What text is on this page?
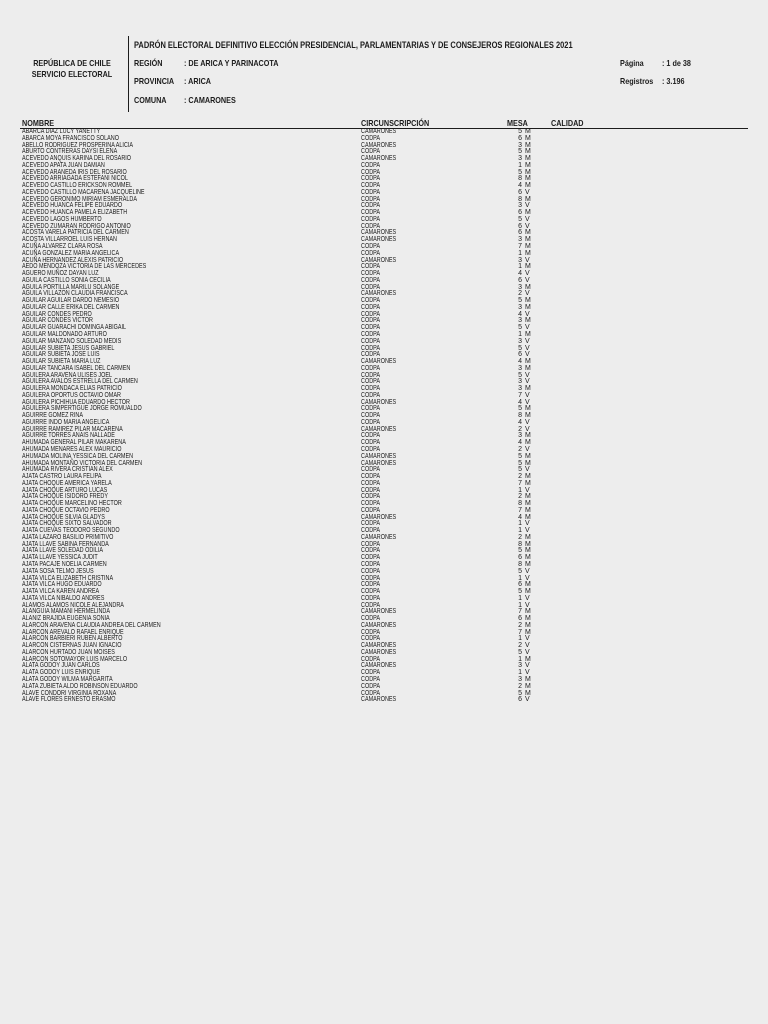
REPÚBLICA DE CHILE
SERVICIO ELECTORAL
PADRÓN ELECTORAL DEFINITIVO ELECCIÓN PRESIDENCIAL, PARLAMENTARIAS Y DE CONSEJEROS REGIONALES 2021
REGIÓN	: DE ARICA Y PARINACOTA
PROVINCIA : ARICA
COMUNA : CAMARONES
Página : 1 de 38
Registros : 3.196
NOMBRE	CIRCUNSCRIPCIÓN	MESA	CALIDAD
ABARCA DIAZ LUCY YANETTY	CAMARONES	5 M
ABARCA MOYA FRANCISCO SOLANO	CODPA	6 M
ABELLO RODRIGUEZ PROSPERINA ALICIA	CAMARONES	3 M
ABURTO CONTRERAS DAYSI ELENA	CODPA	5 M
ACEVEDO ANQUIS KARINA DEL ROSARIO	CAMARONES	3 M
ACEVEDO APATA JUAN DAMIAN	CODPA	1 M
ACEVEDO ARANEDA IRIS DEL ROSARIO	CODPA	5 M
ACEVEDO ARRIAGADA ESTEFANI NICOL	CODPA	8 M
ACEVEDO CASTILLO ERICKSON ROMMEL	CODPA	4 M
ACEVEDO CASTILLO MACARENA JACQUELINE	CODPA	6 V
ACEVEDO GERONIMO MIRIAM ESMERALDA	CODPA	8 M
ACEVEDO HUANCA FELIPE EDUARDO	CODPA	3 V
ACEVEDO HUANCA PAMELA ELIZABETH	CODPA	6 M
ACEVEDO LAGOS HUMBERTO	CODPA	5 V
ACEVEDO ZUMARAN RODRIGO ANTONIO	CODPA	6 V
ACOSTA VARELA PATRICIA DEL CARMEN	CAMARONES	6 M
ACOSTA VILLARROEL LUIS HERNAN	CAMARONES	3 M
ACUÑA ALVAREZ CLARA ROSA	CODPA	7 M
ACUÑA GONZALEZ MARIA ANGELICA	CODPA	1 M
ACUÑA HERNANDEZ ALEXIS PATRICIO	CAMARONES	3 V
AEDO MENDOZA VICTORIA DE LAS MERCEDES	CODPA	1 M
AGUERO MUÑOZ DAYAN LUZ	CODPA	4 V
AGUILA CASTILLO SONIA CECILIA	CODPA	6 V
AGUILA PORTILLA MARILU SOLANGE	CODPA	3 M
AGUILA VILLAZON CLAUDIA FRANCISCA	CAMARONES	2 V
AGUILAR AGUILAR DARDO NEMESIO	CODPA	5 M
AGUILAR CALLE ERIKA DEL CARMEN	CODPA	3 M
AGUILAR CONDES PEDRO	CODPA	4 V
AGUILAR CONDES VICTOR	CODPA	3 M
AGUILAR GUARACHI DOMINGA ABIGAIL	CODPA	5 V
AGUILAR MALDONADO ARTURO	CODPA	1 M
AGUILAR MANZANO SOLEDAD MEDIS	CODPA	3 V
AGUILAR SUBIETA JESUS GABRIEL	CODPA	5 V
AGUILAR SUBIETA JOSE LUIS	CODPA	6 V
AGUILAR SUBIETA MARIA LUZ	CAMARONES	4 M
AGUILAR TANCARA ISABEL DEL CARMEN	CODPA	3 M
AGUILERA ARAVENA ULISES JOEL	CODPA	5 V
AGUILERA AVALOS ESTRELLA DEL CARMEN	CODPA	3 V
AGUILERA MONDACA ELIAS PATRICIO	CODPA	3 M
AGUILERA OPORTUS OCTAVIO OMAR	CODPA	7 V
AGUILERA PICHIHUA EDUARDO HECTOR	CAMARONES	4 V
AGUILERA SIMPERTIGUE JORGE ROMUALDO	CODPA	5 M
AGUIRRE GOMEZ RINA	CODPA	8 M
AGUIRRE INDO MARIA ANGELICA	CODPA	4 V
AGUIRRE RAMIREZ PILAR MACARENA	CAMARONES	2 V
AGUIRRE TORRES ANAIS NALLADE	CODPA	3 M
AHUMADA GENERAL PILAR MAKARENA	CODPA	4 M
AHUMADA MENARES ALEX MAURICIO	CODPA	2 V
AHUMADA MOLINA YESSICA DEL CARMEN	CAMARONES	5 M
AHUMADA MONTAÑO VICTORIA DEL CARMEN	CAMARONES	5 M
AHUMADA RIVERA CRISTIAN ALEX	CODPA	5 V
AJATA CASTRO LAURA FELIPA	CODPA	2 M
AJATA CHOQUE AMERICA YARELA	CODPA	7 M
AJATA CHOQUE ARTURO LUCAS	CODPA	1 V
AJATA CHOQUE ISIDORO FREDY	CODPA	2 M
AJATA CHOQUE MARCELINO HECTOR	CODPA	8 M
AJATA CHOQUE OCTAVIO PEDRO	CODPA	7 M
AJATA CHOQUE SILVIA GLADYS	CAMARONES	4 M
AJATA CHOQUE SIXTO SALVADOR	CODPA	1 V
AJATA CUEVAS TEODORO SEGUNDO	CODPA	1 V
AJATA LAZARO BASILIO PRIMITIVO	CAMARONES	2 M
AJATA LLAVE SABINA FERNANDA	CODPA	8 M
AJATA LLAVE SOLEDAD ODILIA	CODPA	5 M
AJATA LLAVE YESSICA JUDIT	CODPA	6 M
AJATA PACAJE NOELIA CARMEN	CODPA	8 M
AJATA SOSA TELMO JESUS	CODPA	5 V
AJATA VILCA ELIZABETH CRISTINA	CODPA	1 V
AJATA VILCA HUGO EDUARDO	CODPA	6 M
AJATA VILCA KAREN ANDREA	CODPA	5 M
AJATA VILCA NIBALDO ANDRES	CODPA	1 V
ALAMOS ALAMOS NICOLE ALEJANDRA	CODPA	1 V
ALANGUIA MAMANI HERMELINDA	CAMARONES	7 M
ALANIZ BRAJIDA EUGENIA SONIA	CODPA	6 M
ALARCON ARAVENA CLAUDIA ANDREA DEL CARMEN	CAMARONES	2 M
ALARCON AREVALO RAFAEL ENRIQUE	CODPA	7 M
ALARCON BARBIERI RUBEN ALBERTO	CODPA	1 V
ALARCON CISTERNAS JUAN IGNACIO	CAMARONES	2 V
ALARCON HURTADO JUAN MOISES	CAMARONES	5 V
ALARCON SOTOMAYOR LUIS MARCELO	CODPA	1 M
ALATA GODOY JUAN CARLOS	CAMARONES	3 V
ALATA GODOY LUIS ENRIQUE	CODPA	1 V
ALATA GODOY WILMA MARGARITA	CODPA	3 M
ALATA ZUBIETA ALDO ROBINSON EDUARDO	CODPA	2 M
ALAVE CONDORI VIRGINIA ROXANA	CODPA	5 M
ALAVE FLORES ERNESTO ERASMO	CAMARONES	6 V
